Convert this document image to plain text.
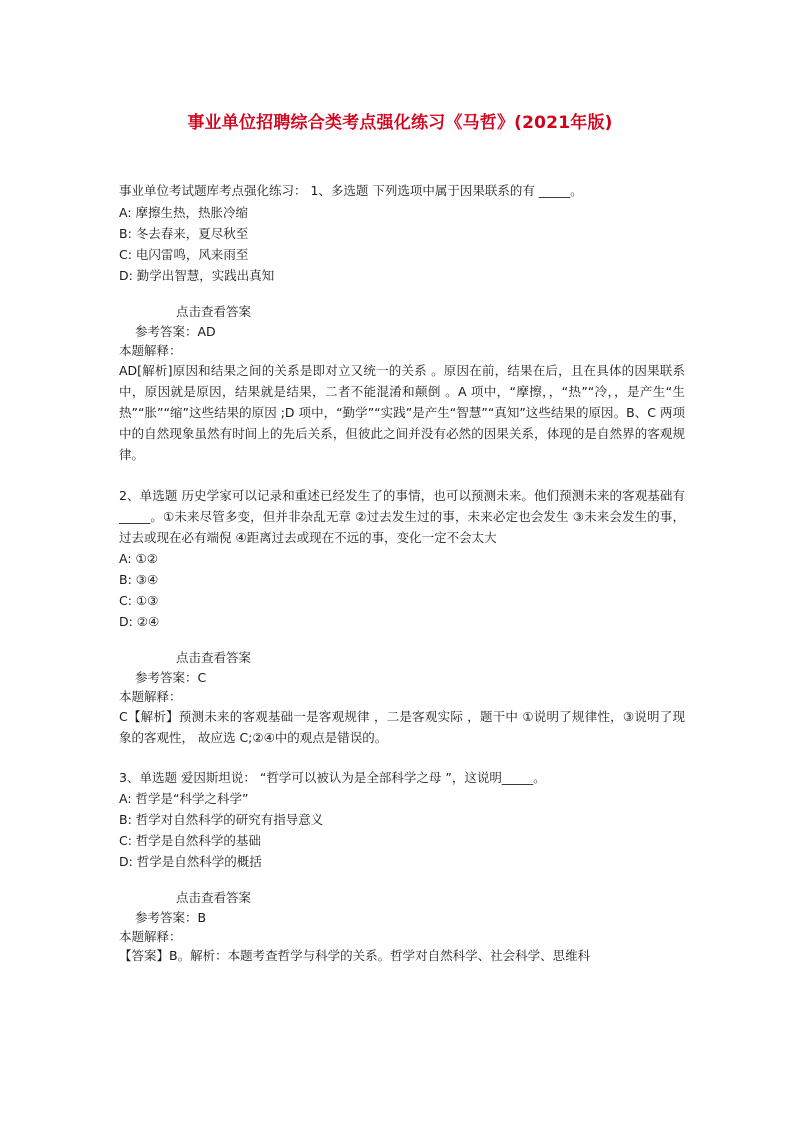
事业单位招聘综合类考点强化练习《马哲》(2021年版)
事业单位考试题库考点强化练习： 1、多选题 下列选项中属于因果联系的有 _____。
A: 摩擦生热，热胀冷缩
B: 冬去春来，夏尽秋至
C: 电闪雷鸣，风来雨至
D: 勤学出智慧，实践出真知
点击查看答案
参考答案：AD
本题解释：
AD[解析]原因和结果之间的关系是即对立又统一的关系 。原因在前，结果在后，且在具体的因果联系中，原因就是原因，结果就是结果，二者不能混淆和颠倒 。A 项中，“摩擦，，“热”“冷，，是产生“生热”“胀”“缩”这些结果的原因 ;D 项中，“勤学”“实践”是产生“智慧”“真知”这些结果的原因。B、C 两项中的自然现象虽然有时间上的先后关系，但彼此之间并没有必然的因果关系，体现的是自然界的客观规律。
2、单选题 历史学家可以记录和重述已经发生了的事情，也可以预测未来。他们预测未来的客观基础有 _____。①未来尽管多变，但并非杂乱无章 ②过去发生过的事，未来必定也会发生 ③未来会发生的事，过去或现在必有端倪 ④距离过去或现在不远的事，变化一定不会太大
A: ①②
B: ③④
C: ①③
D: ②④
点击查看答案
参考答案：C
本题解释：
C【解析】预测未来的客观基础一是客观规律 ，二是客观实际 ，题干中 ①说明了规律性，③说明了现象的客观性， 故应选 C;②④中的观点是错误的。
3、单选题 爱因斯坦说： “哲学可以被认为是全部科学之母 ”，这说明_____。
A: 哲学是“科学之科学”
B: 哲学对自然科学的研究有指导意义
C: 哲学是自然科学的基础
D: 哲学是自然科学的概括
点击查看答案
参考答案：B
本题解释：
【答案】B。解析：本题考查哲学与科学的关系。哲学对自然科学、社会科学、思维科
